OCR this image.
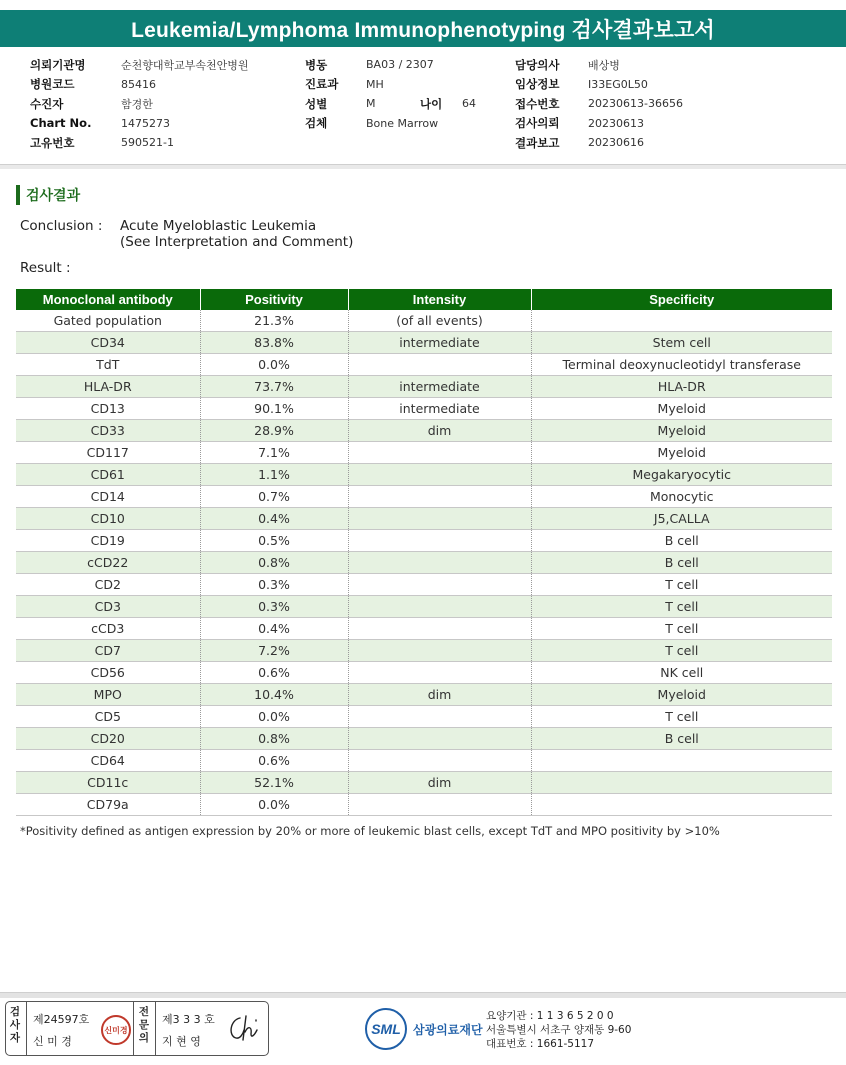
Leukemia/Lymphoma Immunophenotyping 검사결과보고서
의뢰기관명	순천향대학교부속천안병원
병원코드	85416
수진자	함경한
Chart No.	1475273
고유번호	590521-1
병동	BA03 / 2307
진료과	MH
성별	M	나이	64
검체	Bone Marrow
담당의사	배상병
임상정보	I33EG0L50
접수번호	20230613-36656
검사의뢰	20230613
결과보고	20230616
검사결과
Conclusion :	Acute Myeloblastic Leukemia
(See Interpretation and Comment)
Result :
Monoclonal antibody	Positivity	Intensity	Specificity
Gated population	21.3%	(of all events)	
CD34	83.8%	intermediate	Stem cell
TdT	0.0%		Terminal deoxynucleotidyl transferase
HLA-DR	73.7%	intermediate	HLA-DR
CD13	90.1%	intermediate	Myeloid
CD33	28.9%	dim	Myeloid
CD117	7.1%		Myeloid
CD61	1.1%		Megakaryocytic
CD14	0.7%		Monocytic
CD10	0.4%		J5,CALLA
CD19	0.5%		B cell
cCD22	0.8%		B cell
CD2	0.3%		T cell
CD3	0.3%		T cell
cCD3	0.4%		T cell
CD7	7.2%		T cell
CD56	0.6%		NK cell
MPO	10.4%	dim	Myeloid
CD5	0.0%		T cell
CD20	0.8%		B cell
CD64	0.6%		
CD11c	52.1%	dim	
CD79a	0.0%		
*Positivity defined as antigen expression by 20% or more of leukemic blast cells, except TdT and MPO positivity by >10%
검사자
제24597호
신 미 경
신미경
전문의
제3 3 3 호
지 현 영
SML	삼광의료재단
요양기관 : 1 1 3 6 5 2 0 0
서울특별시 서초구 양재동 9-60
대표번호 : 1661-5117
